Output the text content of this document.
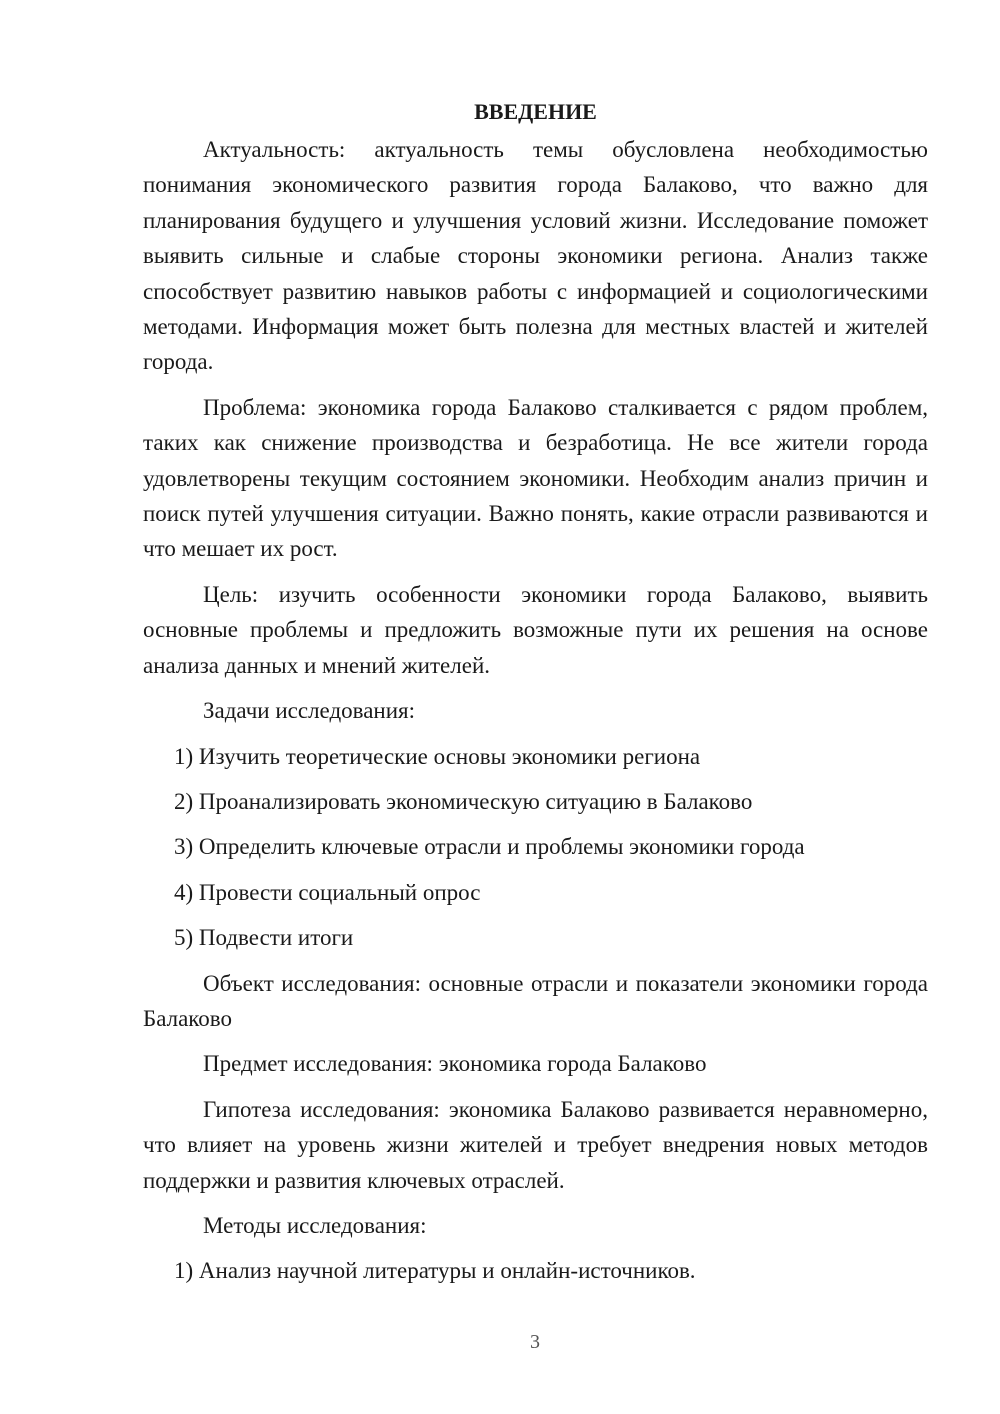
ВВЕДЕНИЕ

Актуальность: актуальность темы обусловлена необходимостью понимания экономического развития города Балаково, что важно для планирования будущего и улучшения условий жизни. Исследование поможет выявить сильные и слабые стороны экономики региона. Анализ также способствует развитию навыков работы с информацией и социологическими методами. Информация может быть полезна для местных властей и жителей города.

Проблема: экономика города Балаково сталкивается с рядом проблем, таких как снижение производства и безработица. Не все жители города удовлетворены текущим состоянием экономики. Необходим анализ причин и поиск путей улучшения ситуации. Важно понять, какие отрасли развиваются и что мешает их рост.

Цель: изучить особенности экономики города Балаково, выявить основные проблемы и предложить возможные пути их решения на основе анализа данных и мнений жителей.

Задачи исследования:

1) Изучить теоретические основы экономики региона

2) Проанализировать экономическую ситуацию в Балаково

3) Определить ключевые отрасли и проблемы экономики города

4) Провести социальный опрос

5) Подвести итоги

Объект исследования: основные отрасли и показатели экономики города Балаково

Предмет исследования: экономика города Балаково

Гипотеза исследования: экономика Балаково развивается неравномерно, что влияет на уровень жизни жителей и требует внедрения новых методов поддержки и развития ключевых отраслей.

Методы исследования:

1) Анализ научной литературы и онлайн-источников.

3
